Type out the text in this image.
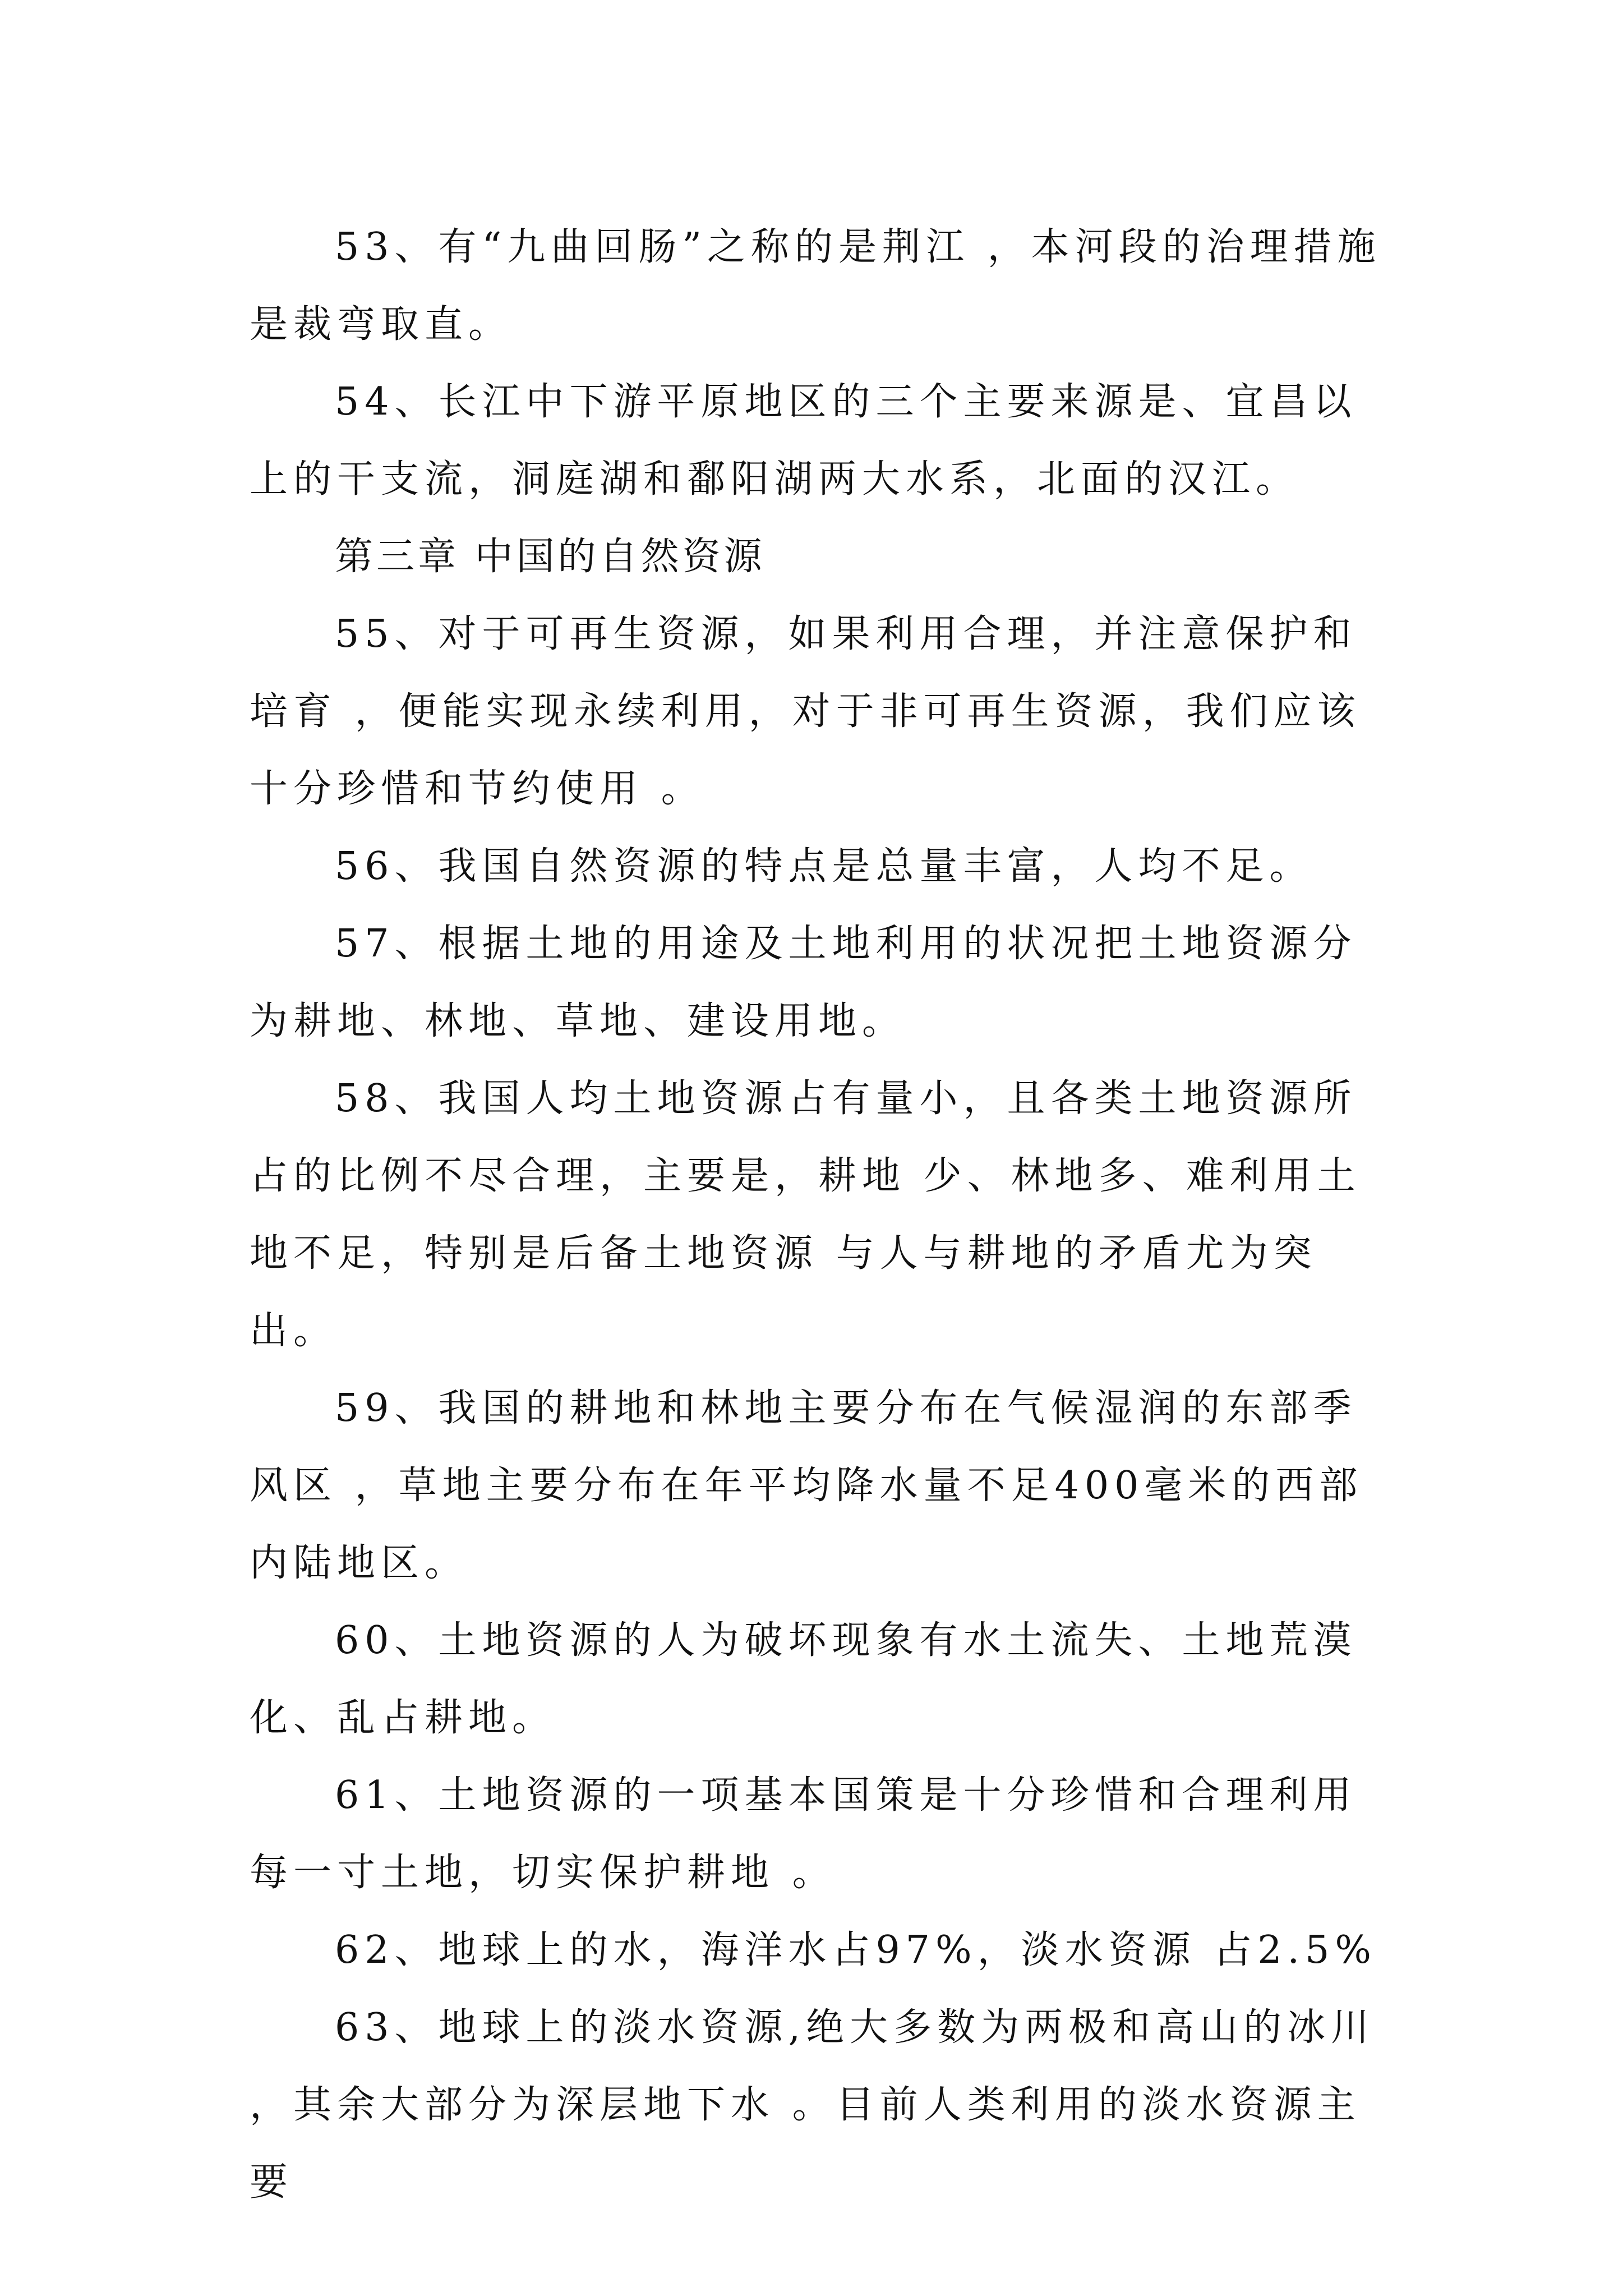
53、有“九曲回肠”之称的是荆江 ，本河段的治理措施是裁弯取直。

54、长江中下游平原地区的三个主要来源是、宜昌以上的干支流，洞庭湖和鄱阳湖两大水系，北面的汉江。

第三章 中国的自然资源

55、对于可再生资源，如果利用合理，并注意保护和培育 ，便能实现永续利用，对于非可再生资源，我们应该十分珍惜和节约使用 。

56、我国自然资源的特点是总量丰富，人均不足。

57、根据土地的用途及土地利用的状况把土地资源分为耕地、林地、草地、建设用地。

58、我国人均土地资源占有量小，且各类土地资源所占的比例不尽合理，主要是，耕地 少、林地多、难利用土地不足，特别是后备土地资源 与人与耕地的矛盾尤为突出。

59、我国的耕地和林地主要分布在气候湿润的东部季风区 ，草地主要分布在年平均降水量不足400毫米的西部内陆地区。

60、土地资源的人为破坏现象有水土流失、土地荒漠化、乱占耕地。

61、土地资源的一项基本国策是十分珍惜和合理利用每一寸土地，切实保护耕地 。

62、地球上的水，海洋水占97%，淡水资源 占2.5%

63、地球上的淡水资源,绝大多数为两极和高山的冰川 ，其余大部分为深层地下水 。目前人类利用的淡水资源主要
